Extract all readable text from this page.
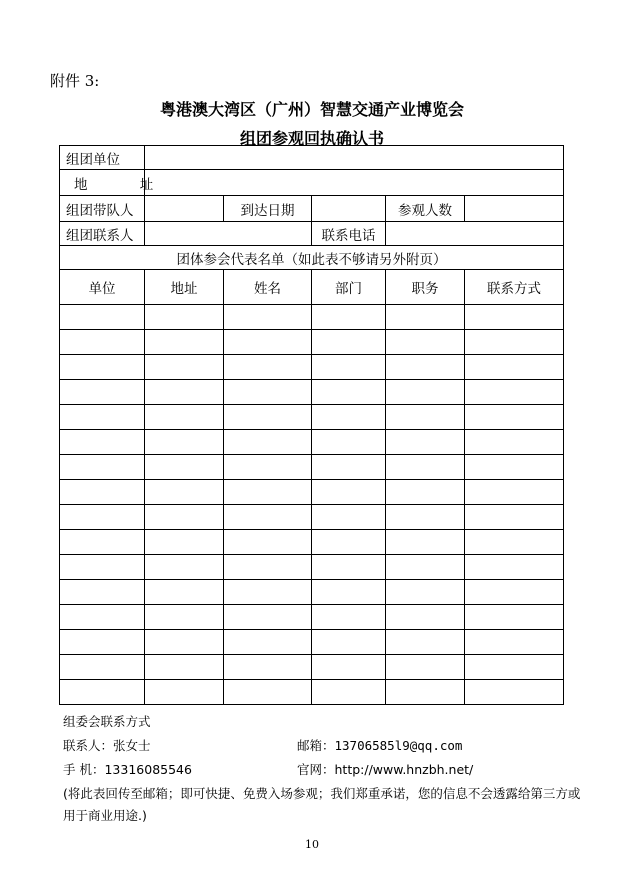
附件 3:
粤港澳大湾区（广州）智慧交通产业博览会
组团参观回执确认书
组团单位					
地 址					
组团带队人		到达日期		参观人数	
组团联系人			联系电话		
团体参会代表名单（如此表不够请另外附页）					
单位	地址	姓名	部门	职务	联系方式

组委会联系方式
联系人：张女士	邮箱：13706585l9@qq.com
手 机：13316085546	官网：http://www.hnzbh.net/
(将此表回传至邮箱；即可快捷、免费入场参观；我们郑重承诺，您的信息不会透露给第三方或用于商业用途.)
10
